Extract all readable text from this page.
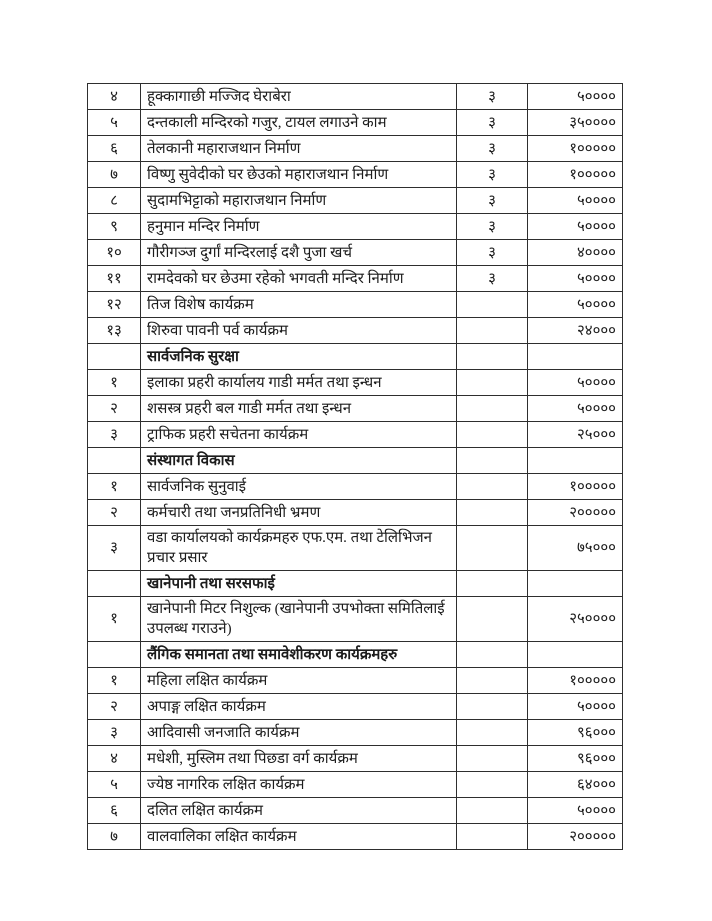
४	हूक्कागाछी मज्जिद घेराबेरा	३	५००००
५	दन्तकाली मन्दिरको गजुर, टायल लगाउने काम	३	३५००००
६	तेलकानी महाराजथान निर्माण	३	१०००००
७	विष्णु सुवेदीको घर छेउको महाराजथान निर्माण	३	१०००००
८	सुदामभिट्टाको महाराजथान निर्माण	३	५००००
९	हनुमान मन्दिर निर्माण	३	५००००
१०	गौरीगञ्ज दुर्गां मन्दिरलाई दशै पुजा खर्च	३	४००००
११	रामदेवको घर छेउमा रहेको भगवती मन्दिर निर्माण	३	५००००
१२	तिज विशेष कार्यक्रम		५००००
१३	शिरुवा पावनी पर्व कार्यक्रम		२४०००
	सार्वजनिक सुरक्षा		
१	इलाका प्रहरी कार्यालय गाडी मर्मत तथा इन्धन		५००००
२	शसस्त्र प्रहरी बल गाडी मर्मत तथा इन्धन		५००००
३	ट्राफिक प्रहरी सचेतना कार्यक्रम		२५०००
	संस्थागत विकास		
१	सार्वजनिक सुनुवाई		१०००००
२	कर्मचारी तथा जनप्रतिनिधी भ्रमण		२०००००
३	वडा कार्यालयको कार्यक्रमहरु एफ.एम. तथा टेलिभिजन प्रचार प्रसार		७५०००
	खानेपानी तथा सरसफाई		
१	खानेपानी मिटर निशुल्क (खानेपानी उपभोक्ता समितिलाई उपलब्ध गराउने)		२५००००
	लैंगिक समानता तथा समावेशीकरण कार्यक्रमहरु		
१	महिला लक्षित कार्यक्रम		१०००००
२	अपाङ्ग लक्षित कार्यक्रम		५००००
३	आदिवासी जनजाति कार्यक्रम		९६०००
४	मधेशी, मुस्लिम तथा पिछडा वर्ग कार्यक्रम		९६०००
५	ज्येष्ठ नागरिक लक्षित कार्यक्रम		६४०००
६	दलित लक्षित कार्यक्रम		५००००
७	वालवालिका लक्षित कार्यक्रम		२०००००
